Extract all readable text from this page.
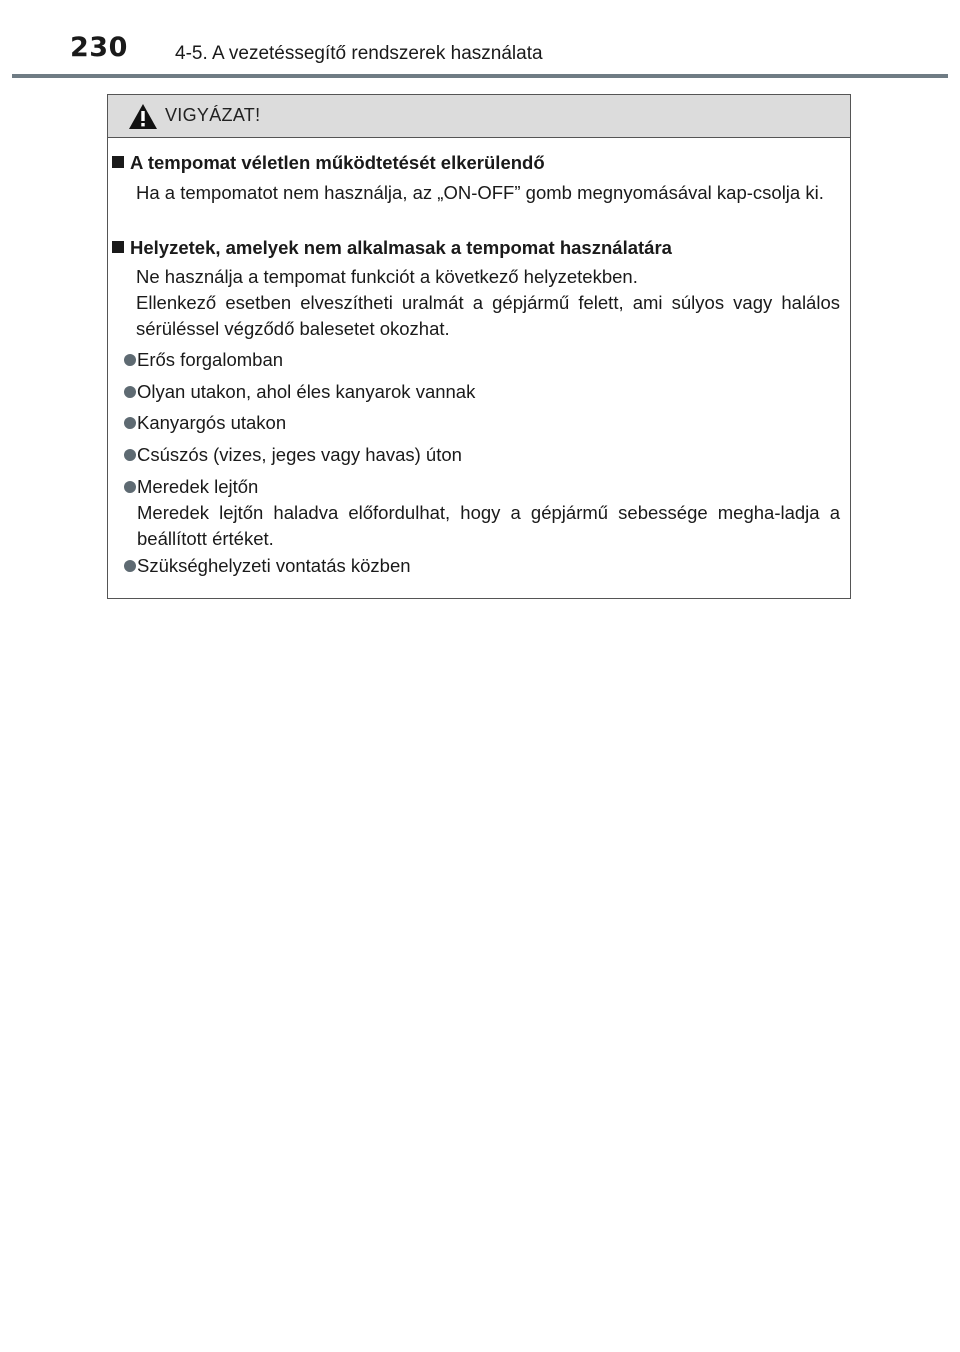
230 4-5. A vezetéssegítő rendszerek használata
VIGYÁZAT!
A tempomat véletlen működtetését elkerülendő
Ha a tempomatot nem használja, az „ON-OFF” gomb megnyomásával kap-csolja ki.
Helyzetek, amelyek nem alkalmasak a tempomat használatára
Ne használja a tempomat funkciót a következő helyzetekben.
Ellenkező esetben elveszítheti uralmát a gépjármű felett, ami súlyos vagy halálos sérüléssel végződő balesetet okozhat.
Erős forgalomban
Olyan utakon, ahol éles kanyarok vannak
Kanyargós utakon
Csúszós (vizes, jeges vagy havas) úton
Meredek lejtőn
Meredek lejtőn haladva előfordulhat, hogy a gépjármű sebessége megha-ladja a beállított értéket.
Szükséghelyzeti vontatás közben
